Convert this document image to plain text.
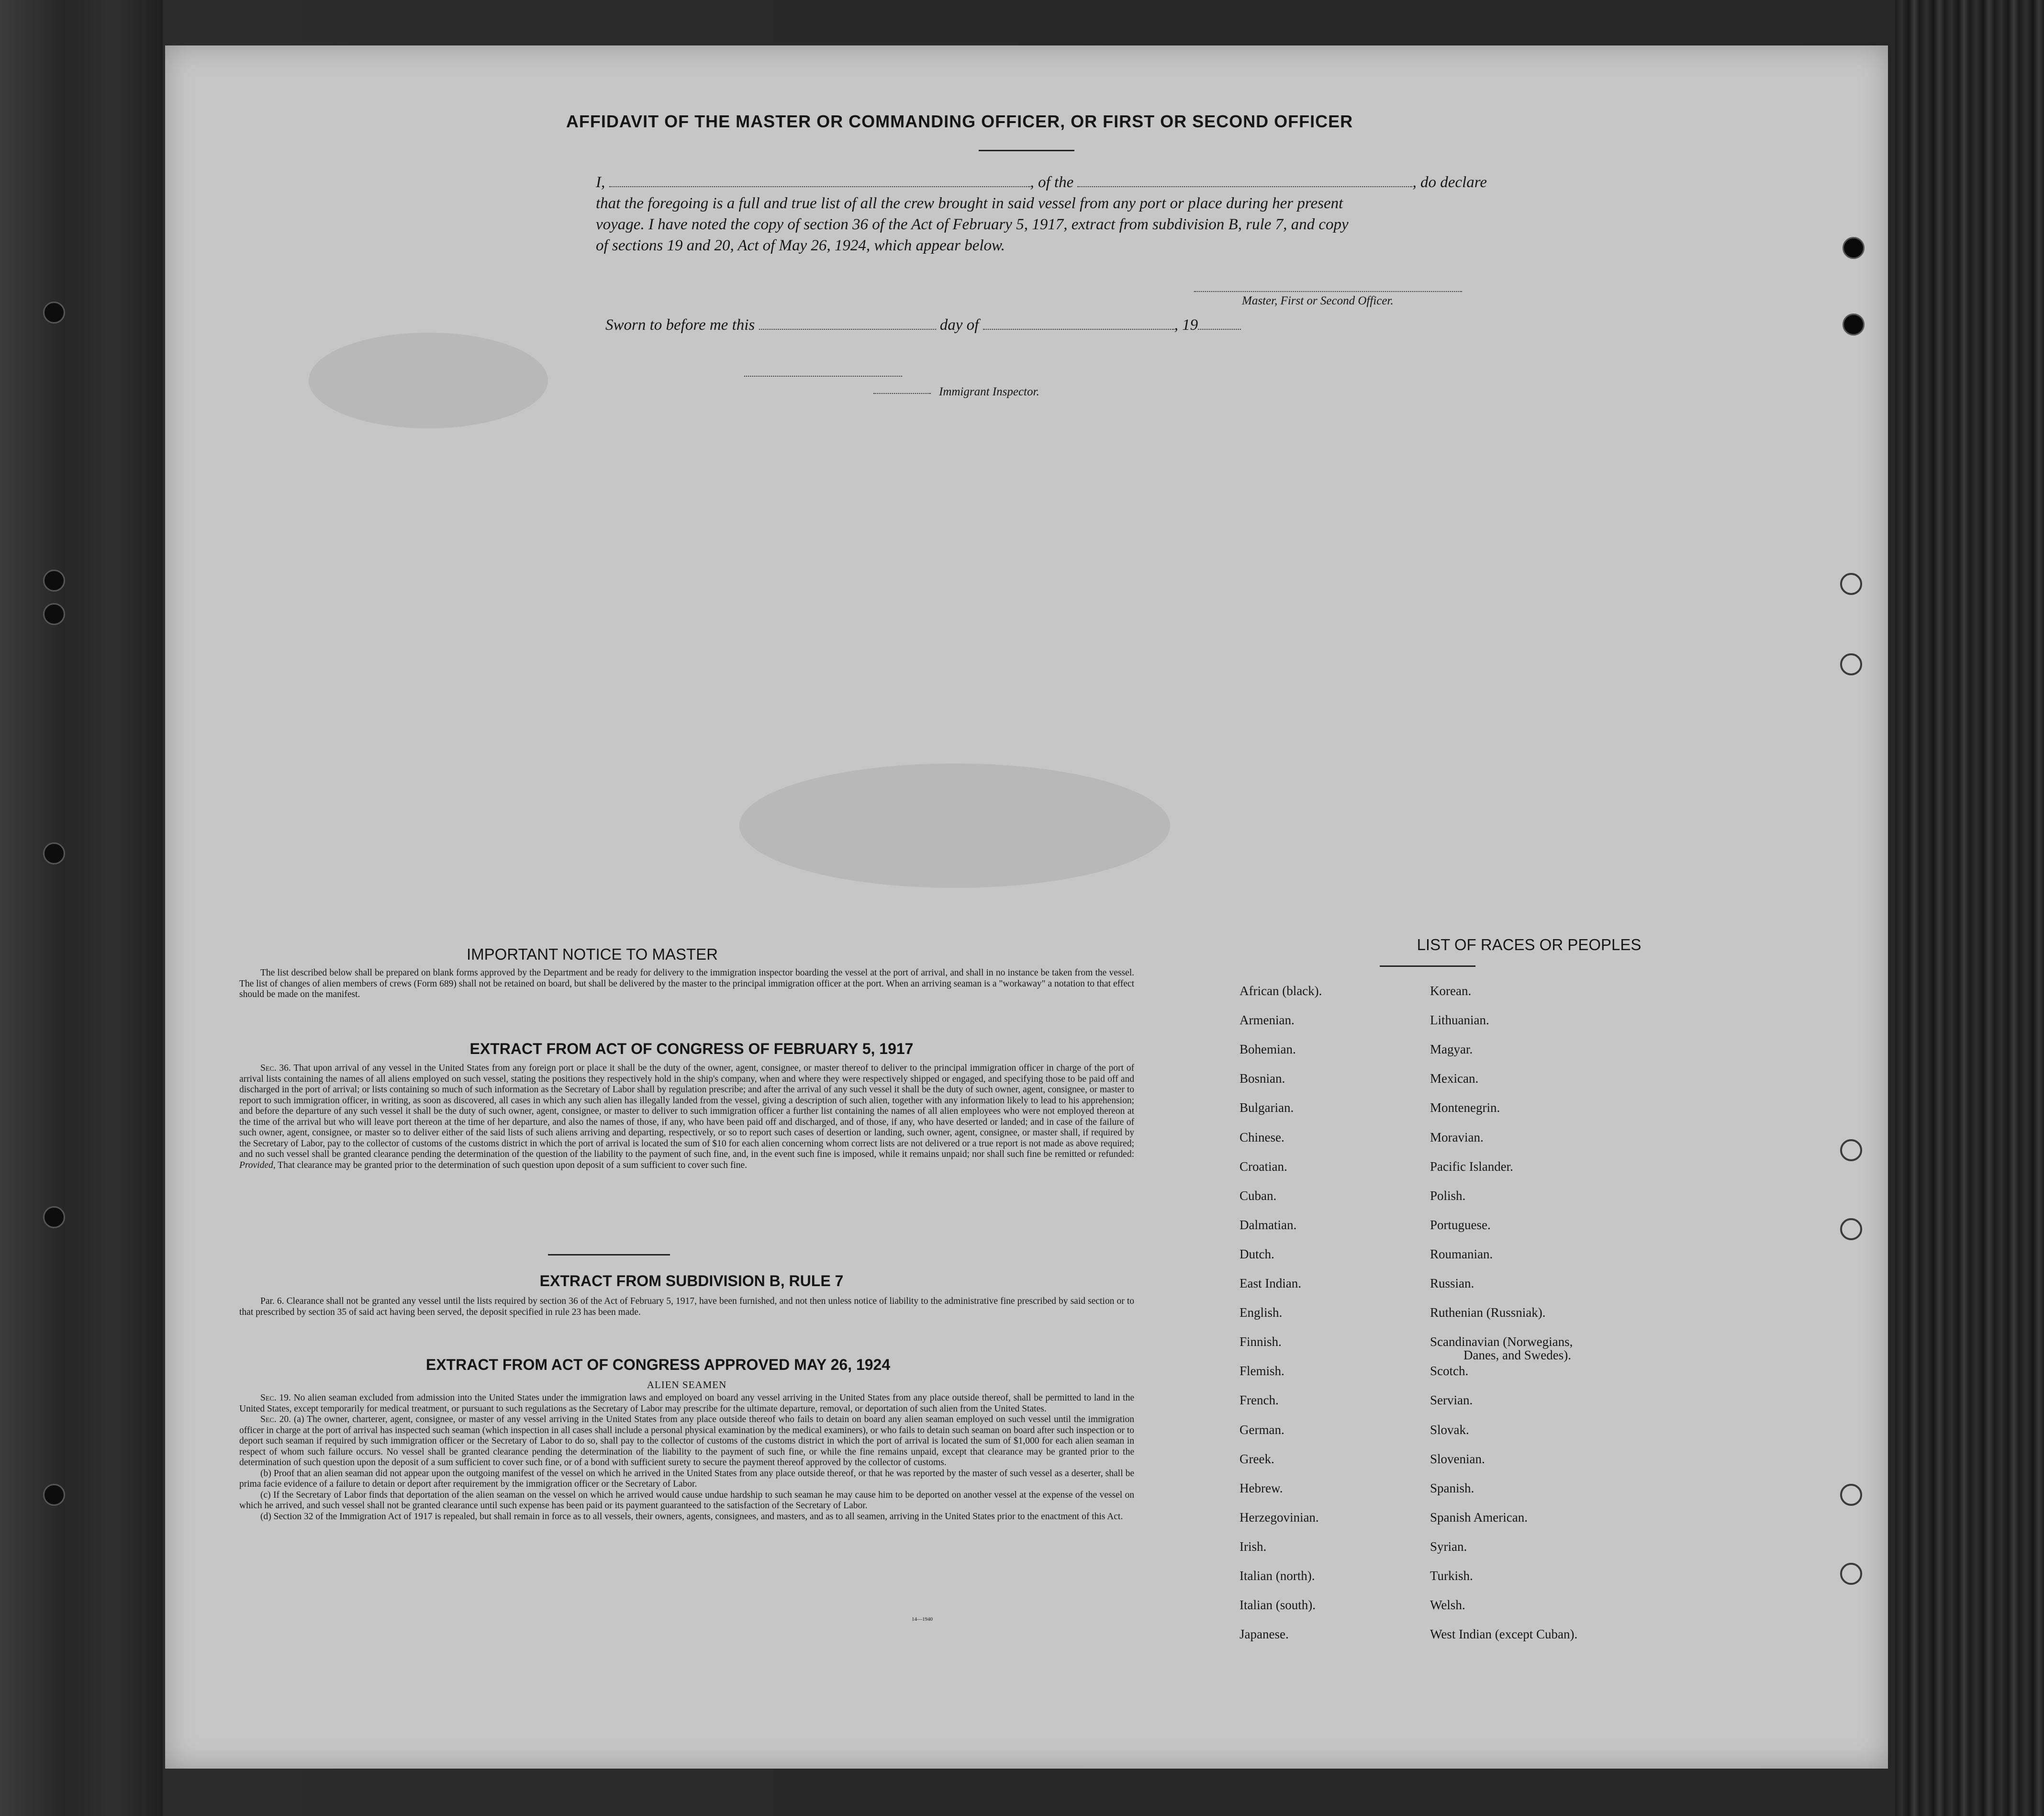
AFFIDAVIT OF THE MASTER OR COMMANDING OFFICER, OR FIRST OR SECOND OFFICER
I,	, of the	, do declare
that the foregoing is a full and true list of all the crew brought in said vessel from any port or place during her present
voyage. I have noted the copy of section 36 of the Act of February 5, 1917, extract from subdivision B, rule 7, and copy
of sections 19 and 20, Act of May 26, 1924, which appear below.
Master, First or Second Officer.
Sworn to before me this	day of	, 19
Immigrant Inspector.
IMPORTANT NOTICE TO MASTER

The list described below shall be prepared on blank forms approved by the Department and be ready for delivery to the immigration inspector boarding the vessel at the port of arrival, and shall in no instance be taken from the vessel. The list of changes of alien members of crews (Form 689) shall not be retained on board, but shall be delivered by the master to the principal immigration officer at the port. When an arriving seaman is a "workaway" a notation to that effect should be made on the manifest.

EXTRACT FROM ACT OF CONGRESS OF FEBRUARY 5, 1917

Sec. 36. That upon arrival of any vessel in the United States from any foreign port or place it shall be the duty of the owner, agent, consignee, or master thereof to deliver to the principal immigration officer in charge of the port of arrival lists containing the names of all aliens employed on such vessel, stating the positions they respectively hold in the ship's company, when and where they were respectively shipped or engaged, and specifying those to be paid off and discharged in the port of arrival; or lists containing so much of such information as the Secretary of Labor shall by regulation prescribe; and after the arrival of any such vessel it shall be the duty of such owner, agent, consignee, or master to report to such immigration officer, in writing, as soon as discovered, all cases in which any such alien has illegally landed from the vessel, giving a description of such alien, together with any information likely to lead to his apprehension; and before the departure of any such vessel it shall be the duty of such owner, agent, consignee, or master to deliver to such immigration officer a further list containing the names of all alien employees who were not employed thereon at the time of the arrival but who will leave port thereon at the time of her departure, and also the names of those, if any, who have been paid off and discharged, and of those, if any, who have deserted or landed; and in case of the failure of such owner, agent, consignee, or master so to deliver either of the said lists of such aliens arriving and departing, respectively, or so to report such cases of desertion or landing, such owner, agent, consignee, or master shall, if required by the Secretary of Labor, pay to the collector of customs of the customs district in which the port of arrival is located the sum of $10 for each alien concerning whom correct lists are not delivered or a true report is not made as above required; and no such vessel shall be granted clearance pending the determination of the question of the liability to the payment of such fine, and, in the event such fine is imposed, while it remains unpaid; nor shall such fine be remitted or refunded: Provided, That clearance may be granted prior to the determination of such question upon deposit of a sum sufficient to cover such fine.

EXTRACT FROM SUBDIVISION B, RULE 7

Par. 6. Clearance shall not be granted any vessel until the lists required by section 36 of the Act of February 5, 1917, have been furnished, and not then unless notice of liability to the administrative fine prescribed by said section or to that prescribed by section 35 of said act having been served, the deposit specified in rule 23 has been made.

EXTRACT FROM ACT OF CONGRESS APPROVED MAY 26, 1924
ALIEN SEAMEN

Sec. 19. No alien seaman excluded from admission into the United States under the immigration laws and employed on board any vessel arriving in the United States from any place outside thereof, shall be permitted to land in the United States, except temporarily for medical treatment, or pursuant to such regulations as the Secretary of Labor may prescribe for the ultimate departure, removal, or deportation of such alien from the United States.

Sec. 20. (a) The owner, charterer, agent, consignee, or master of any vessel arriving in the United States from any place outside thereof who fails to detain on board any alien seaman employed on such vessel until the immigration officer in charge at the port of arrival has inspected such seaman (which inspection in all cases shall include a personal physical examination by the medical examiners), or who fails to detain such seaman on board after such inspection or to deport such seaman if required by such immigration officer or the Secretary of Labor to do so, shall pay to the collector of customs of the customs district in which the port of arrival is located the sum of $1,000 for each alien seaman in respect of whom such failure occurs. No vessel shall be granted clearance pending the determination of the liability to the payment of such fine, or while the fine remains unpaid, except that clearance may be granted prior to the determination of such question upon the deposit of a sum sufficient to cover such fine, or of a bond with sufficient surety to secure the payment thereof approved by the collector of customs.

(b) Proof that an alien seaman did not appear upon the outgoing manifest of the vessel on which he arrived in the United States from any place outside thereof, or that he was reported by the master of such vessel as a deserter, shall be prima facie evidence of a failure to detain or deport after requirement by the immigration officer or the Secretary of Labor.

(c) If the Secretary of Labor finds that deportation of the alien seaman on the vessel on which he arrived would cause undue hardship to such seaman he may cause him to be deported on another vessel at the expense of the vessel on which he arrived, and such vessel shall not be granted clearance until such expense has been paid or its payment guaranteed to the satisfaction of the Secretary of Labor.

(d) Section 32 of the Immigration Act of 1917 is repealed, but shall remain in force as to all vessels, their owners, agents, consignees, and masters, and as to all seamen, arriving in the United States prior to the enactment of this Act.

14—1940
LIST OF RACES OR PEOPLES
African (black).
Armenian.
Bohemian.
Bosnian.
Bulgarian.
Chinese.
Croatian.
Cuban.
Dalmatian.
Dutch.
East Indian.
English.
Finnish.
Flemish.
French.
German.
Greek.
Hebrew.
Herzegovinian.
Irish.
Italian (north).
Italian (south).
Japanese.
Korean.
Lithuanian.
Magyar.
Mexican.
Montenegrin.
Moravian.
Pacific Islander.
Polish.
Portuguese.
Roumanian.
Russian.
Ruthenian (Russniak).
Scandinavian (Norwegians,
Danes, and Swedes).
Scotch.
Servian.
Slovak.
Slovenian.
Spanish.
Spanish American.
Syrian.
Turkish.
Welsh.
West Indian (except Cuban).
